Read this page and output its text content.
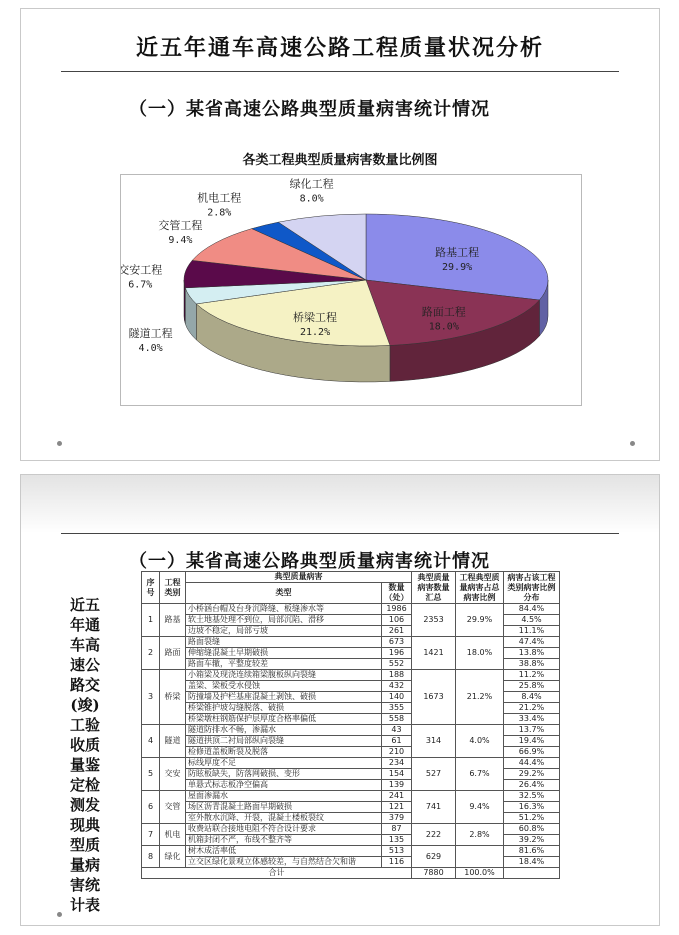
近五年通车高速公路工程质量状况分析
（一）某省高速公路典型质量病害统计情况
各类工程典型质量病害数量比例图
路基工程
29.9%
路面工程
18.0%
桥梁工程
21.2%
隧道工程
4.0%
交安工程
6.7%
交管工程
9.4%
机电工程
2.8%
绿化工程
8.0%
（一）某省高速公路典型质量病害统计情况
近五
年通
车高
速公
路交
(竣)
工验
收质
量鉴
定检
测发
现典
型质
量病
害统
计表
序号	工程类别	典型质量病害		典型质量病害数量汇总	工程典型质量病害占总病害比例	病害占该工程类别病害比例分布
		类型	数量（处）			
1	路基	小桥涵台帽及台身沉降缝、板缝渗水等	1986	2353	29.9%	84.4%
		软土地基处理不到位，局部沉陷、滑移	106			4.5%
		边坡不稳定，局部亏坡	261			11.1%
2	路面	路面裂缝	673	1421	18.0%	47.4%
		伸缩缝混凝土早期破损	196			13.8%
		路面车辙，平整度较差	552			38.8%
3	桥梁	小箱梁及现浇连续箱梁腹板纵向裂缝	188	1673	21.2%	11.2%
		盖梁、梁板受水侵蚀	432			25.8%
		防撞墙及护栏基座混凝土剥蚀、破损	140			8.4%
		桥梁锥护坡勾缝脱落、破损	355			21.2%
		桥梁墩柱钢筋保护层厚度合格率偏低	558			33.4%
4	隧道	隧道防排水不畅，渗漏水	43	314	4.0%	13.7%
		隧道拱顶二衬局部纵向裂缝	61			19.4%
		检修道盖板断裂及脱落	210			66.9%
5	交安	标线厚度不足	234	527	6.7%	44.4%
		防眩板缺失，防落网破损、变形	154			29.2%
		单悬式标志板净空偏高	139			26.4%
6	交管	屋面渗漏水	241	741	9.4%	32.5%
		场区沥青混凝土路面早期破损	121			16.3%
		室外散水沉降、开裂，混凝土楼板裂纹	379			51.2%
7	机电	收费站联合接地电阻不符合设计要求	87	222	2.8%	60.8%
		机箱封闭不严，布线不整齐等	135			39.2%
8	绿化	树木成活率低	513	629		81.6%
		立交区绿化景观立体感较差，与自然结合欠和谐	116			18.4%
合计				7880	100.0%	
